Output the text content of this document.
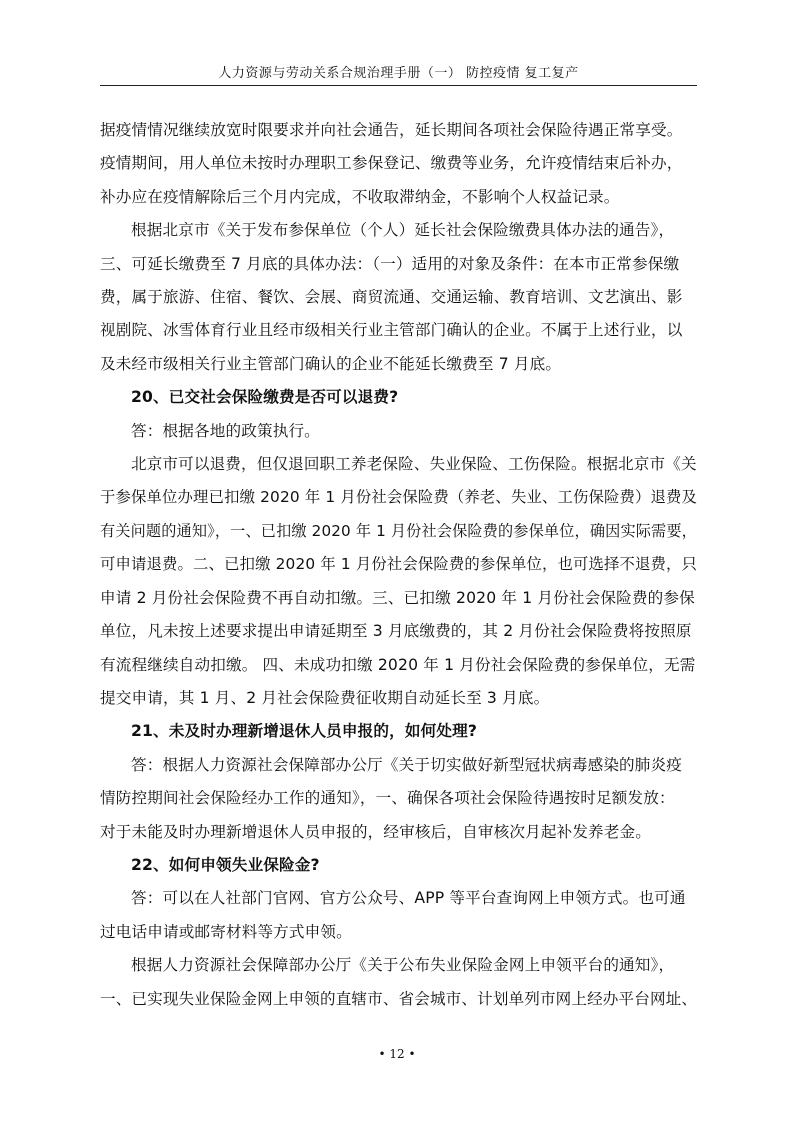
人力资源与劳动关系合规治理手册（一） 防控疫情 复工复产

据疫情情况继续放宽时限要求并向社会通告，延长期间各项社会保险待遇正常享受。

疫情期间，用人单位未按时办理职工参保登记、缴费等业务，允许疫情结束后补办，

补办应在疫情解除后三个月内完成，不收取滞纳金，不影响个人权益记录。

根据北京市《关于发布参保单位（个人）延长社会保险缴费具体办法的通告》，

三、可延长缴费至 7 月底的具体办法：（一）适用的对象及条件：在本市正常参保缴

费，属于旅游、住宿、餐饮、会展、商贸流通、交通运输、教育培训、文艺演出、影

视剧院、冰雪体育行业且经市级相关行业主管部门确认的企业。不属于上述行业，以

及未经市级相关行业主管部门确认的企业不能延长缴费至 7 月底。

20、已交社会保险缴费是否可以退费?

答：根据各地的政策执行。

北京市可以退费，但仅退回职工养老保险、失业保险、工伤保险。根据北京市《关

于参保单位办理已扣缴 2020 年 1 月份社会保险费（养老、失业、工伤保险费）退费及

有关问题的通知》，一、已扣缴 2020 年 1 月份社会保险费的参保单位，确因实际需要，

可申请退费。二、已扣缴 2020 年 1 月份社会保险费的参保单位，也可选择不退费，只

申请 2 月份社会保险费不再自动扣缴。三、已扣缴 2020 年 1 月份社会保险费的参保

单位，凡未按上述要求提出申请延期至 3 月底缴费的，其 2 月份社会保险费将按照原

有流程继续自动扣缴。 四、未成功扣缴 2020 年 1 月份社会保险费的参保单位，无需

提交申请，其 1 月、2 月社会保险费征收期自动延长至 3 月底。

21、未及时办理新增退休人员申报的，如何处理?

答：根据人力资源社会保障部办公厅《关于切实做好新型冠状病毒感染的肺炎疫

情防控期间社会保险经办工作的通知》，一、确保各项社会保险待遇按时足额发放：

对于未能及时办理新增退休人员申报的，经审核后，自审核次月起补发养老金。

22、如何申领失业保险金?

答：可以在人社部门官网、官方公众号、APP 等平台查询网上申领方式。也可通

过电话申请或邮寄材料等方式申领。

根据人力资源社会保障部办公厅《关于公布失业保险金网上申领平台的通知》，

一、已实现失业保险金网上申领的直辖市、省会城市、计划单列市网上经办平台网址、

• 12 •
